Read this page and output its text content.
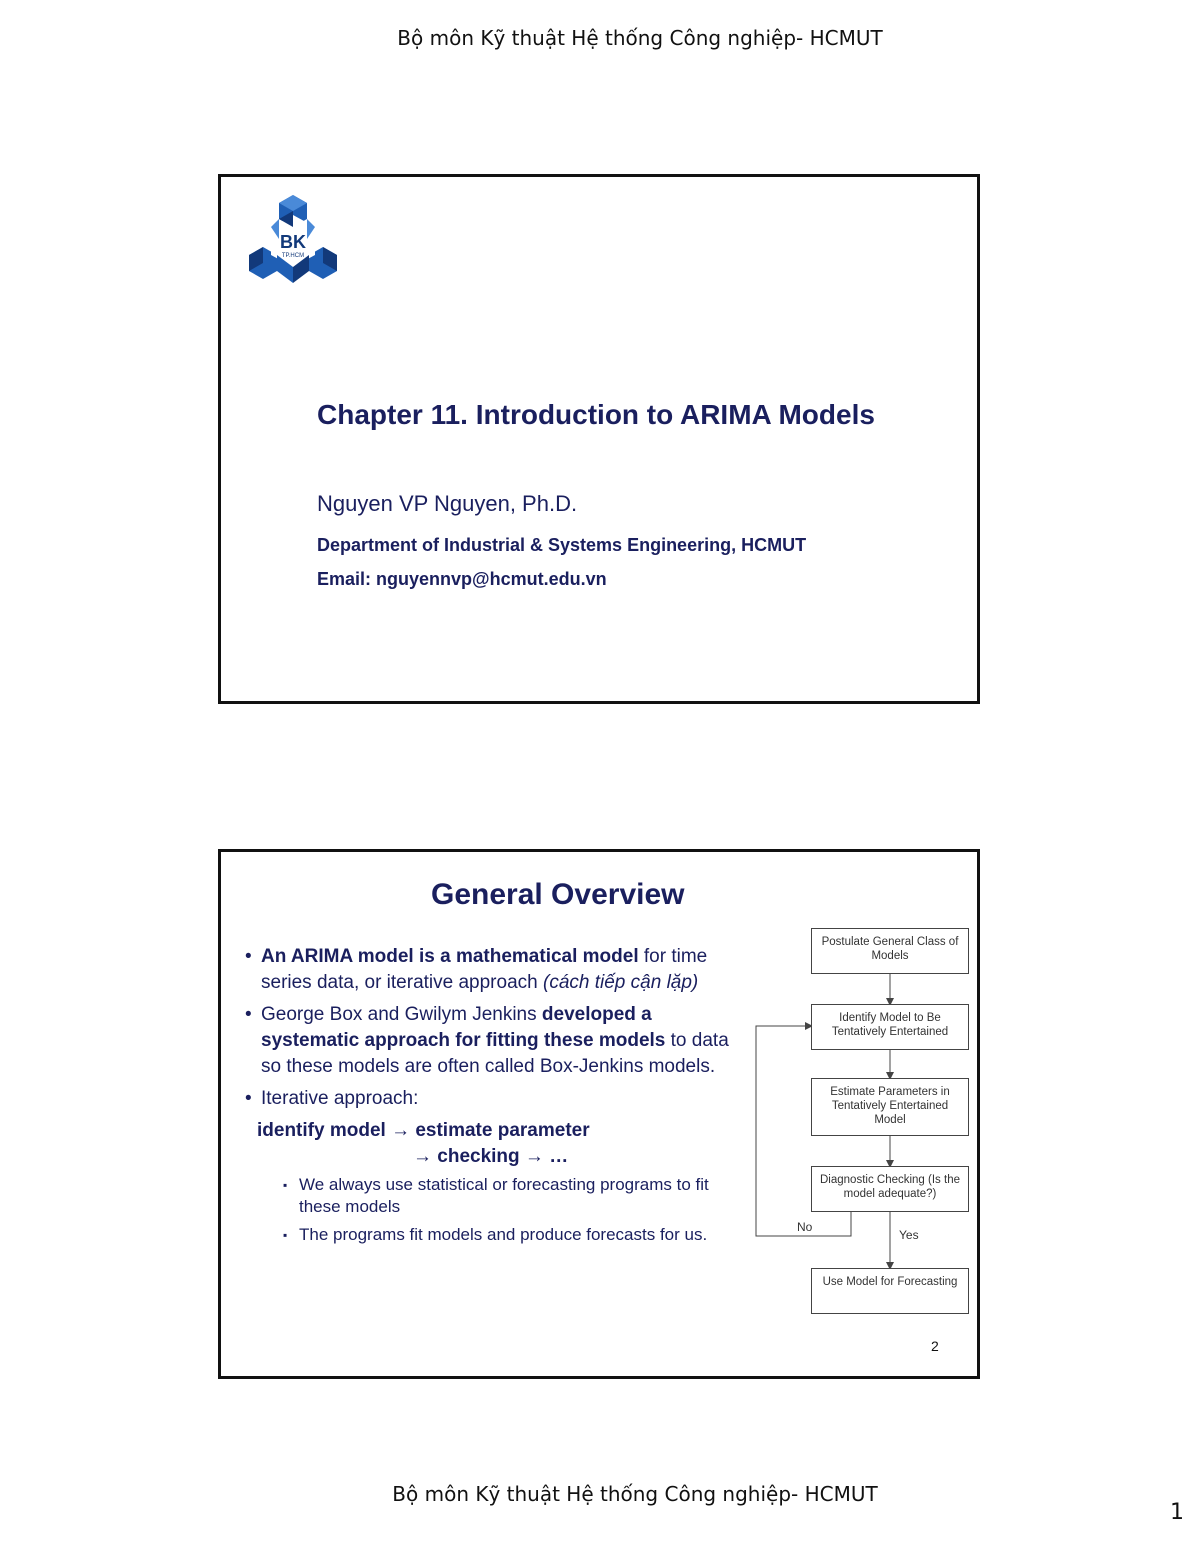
Bộ môn Kỹ thuật Hệ thống Công nghiệp- HCMUT
BK
TP.HCM
Chapter 11. Introduction to ARIMA Models
Nguyen VP Nguyen, Ph.D.
Department of Industrial & Systems Engineering, HCMUT
Email: nguyennvp@hcmut.edu.vn
General Overview
• An ARIMA model is a mathematical model for time series data, or iterative approach (cách tiếp cận lặp)
• George Box and Gwilym Jenkins developed a systematic approach for fitting these models to data so these models are often called Box-Jenkins models.
• Iterative approach:
identify model → estimate parameter
→ checking → …
▪ We always use statistical or forecasting programs to fit these models
▪ The programs fit models and produce forecasts for us.
Postulate General Class of Models
Identify Model to Be Tentatively Entertained
Estimate Parameters in Tentatively Entertained Model
Diagnostic Checking (Is the model adequate?)
Use Model for Forecasting
No
Yes
2
Bộ môn Kỹ thuật Hệ thống Công nghiệp- HCMUT
1
